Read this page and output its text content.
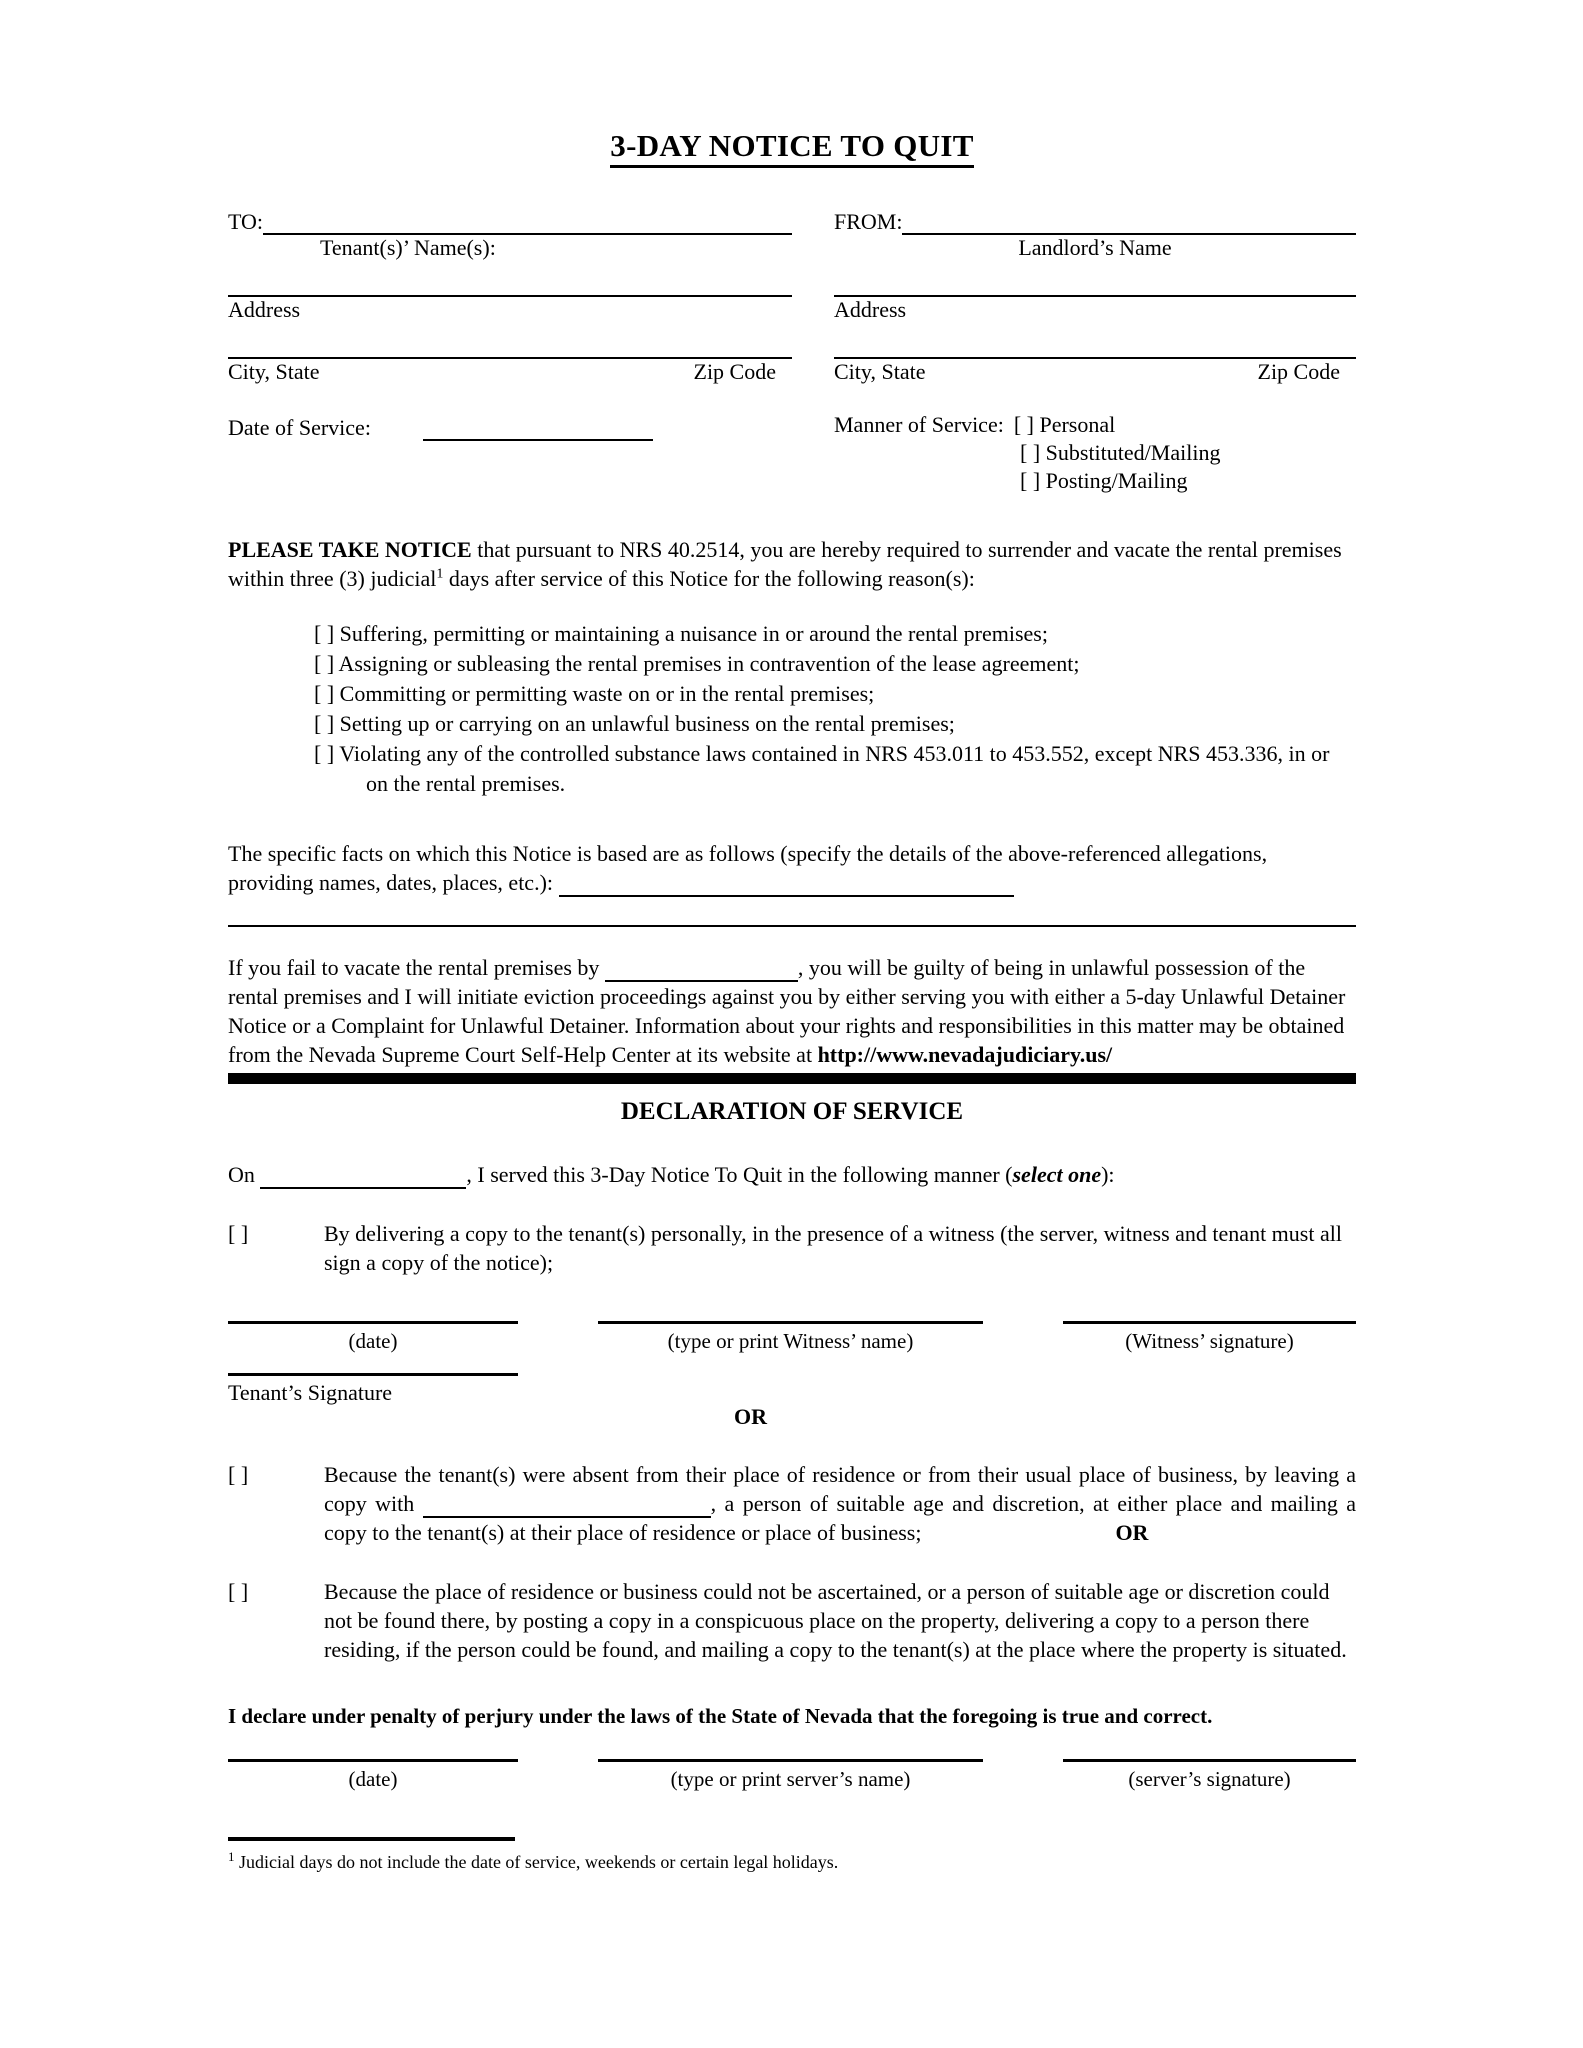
3-DAY NOTICE TO QUIT
TO:
Tenant(s)’ Name(s):
Address
City, State	Zip Code
Date of Service:
FROM:
Landlord’s Name
Address
City, State	Zip Code
Manner of Service: [ ] Personal
[ ] Substituted/Mailing
[ ] Posting/Mailing
PLEASE TAKE NOTICE that pursuant to NRS 40.2514, you are hereby required to surrender and vacate the rental premises within three (3) judicial$^1$ days after service of this Notice for the following reason(s):
[ ] Suffering, permitting or maintaining a nuisance in or around the rental premises;
[ ] Assigning or subleasing the rental premises in contravention of the lease agreement;
[ ] Committing or permitting waste on or in the rental premises;
[ ] Setting up or carrying on an unlawful business on the rental premises;
[ ] Violating any of the controlled substance laws contained in NRS 453.011 to 453.552, except NRS 453.336, in or on the rental premises.
The specific facts on which this Notice is based are as follows (specify the details of the above-referenced allegations, providing names, dates, places, etc.):
If you fail to vacate the rental premises by	, you will be guilty of being in unlawful possession of the rental premises and I will initiate eviction proceedings against you by either serving you with either a 5-day Unlawful Detainer Notice or a Complaint for Unlawful Detainer. Information about your rights and responsibilities in this matter may be obtained from the Nevada Supreme Court Self-Help Center at its website at http://www.nevadajudiciary.us/
DECLARATION OF SERVICE
On	, I served this 3-Day Notice To Quit in the following manner (select one):
[ ]	By delivering a copy to the tenant(s) personally, in the presence of a witness (the server, witness and tenant must all sign a copy of the notice);
(date)	(type or print Witness’ name)	(Witness’ signature)
Tenant’s Signature
OR
[ ]	Because the tenant(s) were absent from their place of residence or from their usual place of business, by leaving a copy with	, a person of suitable age and discretion, at either place and mailing a copy to the tenant(s) at their place of residence or place of business;	OR
[ ]	Because the place of residence or business could not be ascertained, or a person of suitable age or discretion could not be found there, by posting a copy in a conspicuous place on the property, delivering a copy to a person there residing, if the person could be found, and mailing a copy to the tenant(s) at the place where the property is situated.
I declare under penalty of perjury under the laws of the State of Nevada that the foregoing is true and correct.
(date)	(type or print server’s name)	(server’s signature)
$^1$ Judicial days do not include the date of service, weekends or certain legal holidays.
